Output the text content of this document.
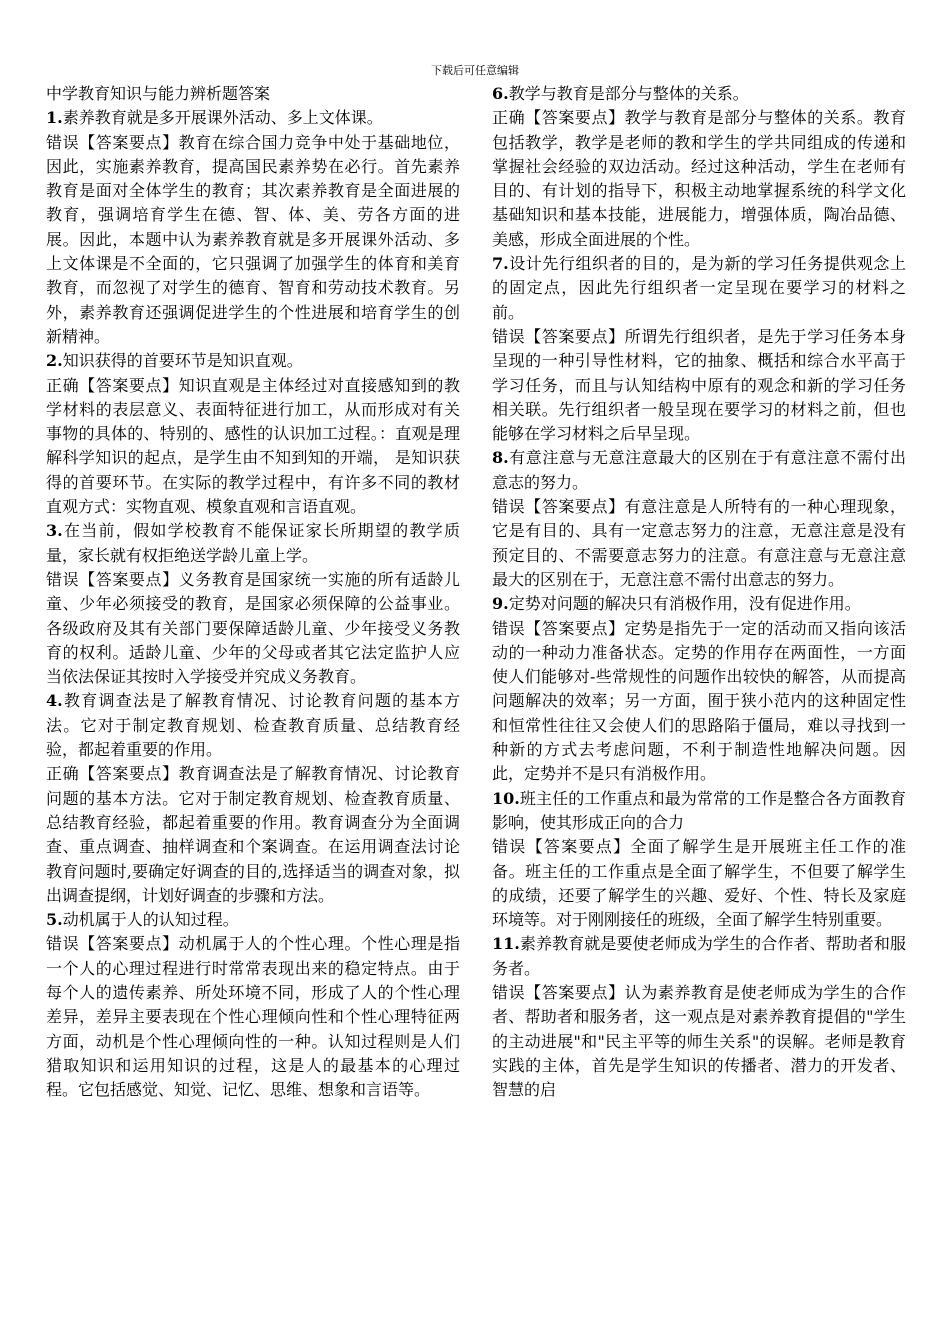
下载后可任意编辑

中学教育知识与能力辨析题答案

1.素养教育就是多开展课外活动、多上文体课。

错误【答案要点】教育在综合国力竞争中处于基础地位，因此，实施素养教育，提高国民素养势在必行。首先素养教育是面对全体学生的教育；其次素养教育是全面进展的教育，强调培育学生在德、智、体、美、劳各方面的进展。因此，本题中认为素养教育就是多开展课外活动、多上文体课是不全面的，它只强调了加强学生的体育和美育教育，而忽视了对学生的德育、智育和劳动技术教育。另外，素养教育还强调促进学生的个性进展和培育学生的创新精神。

2.知识获得的首要环节是知识直观。

正确【答案要点】知识直观是主体经过对直接感知到的教学材料的表层意义、表面特征进行加工，从而形成对有关事物的具体的、特别的、感性的认识加工过程。：直观是理解科学知识的起点，是学生由不知到知的开端， 是知识获得的首要环节。在实际的教学过程中，有许多不同的教材直观方式：实物直观、模象直观和言语直观。

3.在当前，假如学校教育不能保证家长所期望的教学质量，家长就有权拒绝送学龄儿童上学。

错误【答案要点】义务教育是国家统一实施的所有适龄儿童、少年必须接受的教育，是国家必须保障的公益事业。各级政府及其有关部门要保障适龄儿童、少年接受义务教育的权利。适龄儿童、少年的父母或者其它法定监护人应当依法保证其按时入学接受并究成义务教育。

4.教育调查法是了解教育情况、讨论教育问题的基本方法。它对于制定教育规划、检查教育质量、总结教育经验，都起着重要的作用。

正确【答案要点】教育调查法是了解教育情况、讨论教育问题的基本方法。它对于制定教育规划、检查教育质量、总结教育经验，都起着重要的作用。教育调查分为全面调查、重点调查、抽样调查和个案调查。在运用调查法讨论教育问题时,要确定好调查的目的,选择适当的调查对象，拟出调查提纲，计划好调查的步骤和方法。

5.动机属于人的认知过程。

错误【答案要点】动机属于人的个性心理。个性心理是指一个人的心理过程进行时常常表现出来的稳定特点。由于每个人的遗传素养、所处环境不同，形成了人的个性心理差异，差异主要表现在个性心理倾向性和个性心理特征两方面，动机是个性心理倾向性的一种。认知过程则是人们猎取知识和运用知识的过程，这是人的最基本的心理过程。它包括感觉、知觉、记忆、思维、想象和言语等。

6.教学与教育是部分与整体的关系。

正确【答案要点】教学与教育是部分与整体的关系。教育包括教学，教学是老师的教和学生的学共同组成的传递和掌握社会经验的双边活动。经过这种活动，学生在老师有目的、有计划的指导下，积极主动地掌握系统的科学文化基础知识和基本技能，进展能力，增强体质，陶冶品德、美感，形成全面进展的个性。

7.设计先行组织者的目的，是为新的学习任务提供观念上的固定点，因此先行组织者一定呈现在要学习的材料之前。

错误【答案要点】所谓先行组织者，是先于学习任务本身呈现的一种引导性材料，它的抽象、概括和综合水平高于学习任务，而且与认知结构中原有的观念和新的学习任务相关联。先行组织者一般呈现在要学习的材料之前，但也能够在学习材料之后早呈现。

8.有意注意与无意注意最大的区别在于有意注意不需付出意志的努力。

错误【答案要点】有意注意是人所特有的一种心理现象，它是有目的、具有一定意志努力的注意，无意注意是没有预定目的、不需要意志努力的注意。有意注意与无意注意最大的区别在于，无意注意不需付出意志的努力。

9.定势对问题的解决只有消极作用，没有促进作用。

错误【答案要点】定势是指先于一定的活动而又指向该活动的一种动力准备状态。定势的作用存在两面性，一方面使人们能够对-些常规性的问题作出较快的解答，从而提高问题解决的效率；另一方面，囿于狭小范内的这种固定性和恒常性往往又会使人们的思路陷于僵局，难以寻找到一种新的方式去考虑问题，不利于制造性地解决问题。因此，定势并不是只有消极作用。

10.班主任的工作重点和最为常常的工作是整合各方面教育影响，使其形成正向的合力

错误【答案要点】全面了解学生是开展班主任工作的准备。班主任的工作重点是全面了解学生，不但要了解学生的成绩，还要了解学生的兴趣、爱好、个性、特长及家庭环境等。对于刚刚接任的班级，全面了解学生特别重要。

11.素养教育就是要使老师成为学生的合作者、帮助者和服务者。

错误【答案要点】认为素养教育是使老师成为学生的合作者、帮助者和服务者，这一观点是对素养教育提倡的"学生的主动进展"和"民主平等的师生关系"的误解。老师是教育实践的主体，首先是学生知识的传播者、潜力的开发者、智慧的启
